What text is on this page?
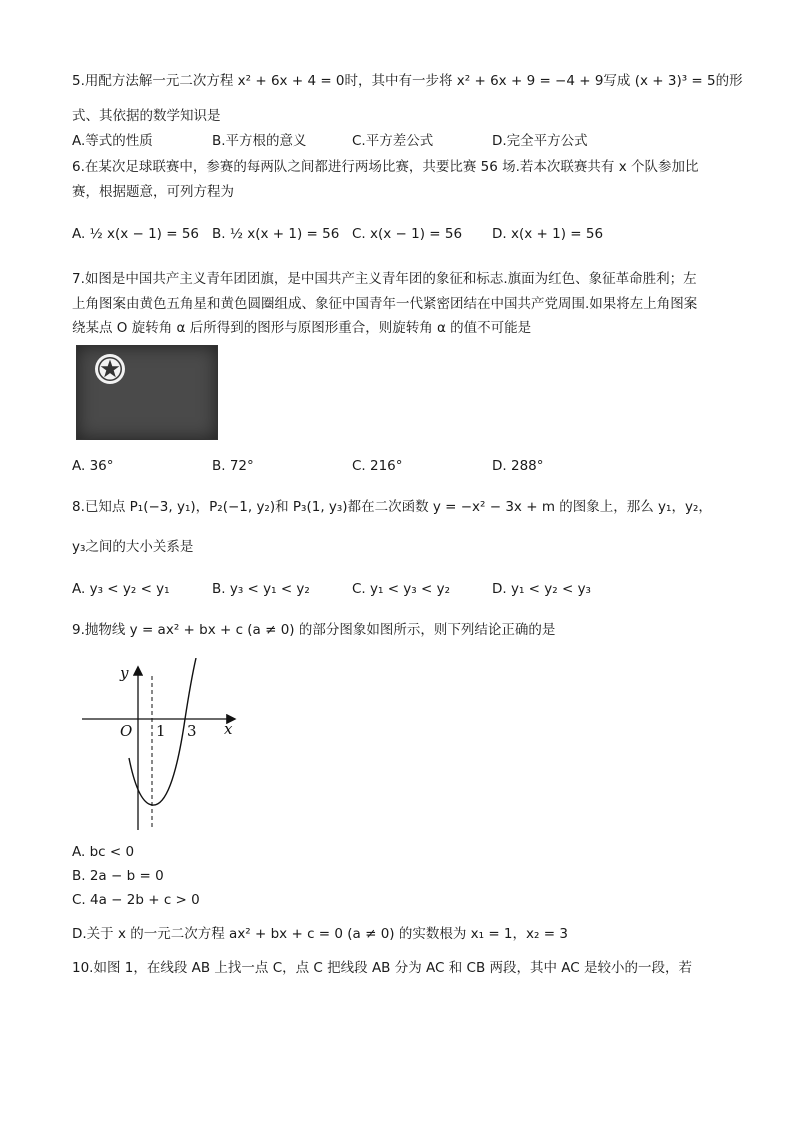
5.用配方法解一元二次方程 x² + 6x + 4 = 0时，其中有一步将 x² + 6x + 9 = −4 + 9写成 (x + 3)³ = 5的形
式、其依据的数学知识是
A.等式的性质	B.平方根的意义	C.平方差公式	D.完全平方公式
6.在某次足球联赛中，参赛的每两队之间都进行两场比赛，共要比赛 56 场.若本次联赛共有 x 个队参加比
赛，根据题意，可列方程为
A. ½ x(x − 1) = 56 B. ½ x(x + 1) = 56 C. x(x − 1) = 56 D. x(x + 1) = 56
7.如图是中国共产主义青年团团旗，是中国共产主义青年团的象征和标志.旗面为红色、象征革命胜利；左
上角图案由黄色五角星和黄色圆圈组成、象征中国青年一代紧密团结在中国共产党周围.如果将左上角图案
绕某点 O 旋转角 α 后所得到的图形与原图形重合，则旋转角 α 的值不可能是
A. 36°	B. 72°	C. 216°	D. 288°
8.已知点 P₁(−3, y₁)，P₂(−1, y₂)和 P₃(1, y₃)都在二次函数 y = −x² − 3x + m 的图象上，那么 y₁，y₂，
y₃之间的大小关系是
A. y₃ < y₂ < y₁	B. y₃ < y₁ < y₂	C. y₁ < y₃ < y₂	D. y₁ < y₂ < y₃
9.抛物线 y = ax² + bx + c (a ≠ 0) 的部分图象如图所示，则下列结论正确的是
y
x
O 1 3
A. bc < 0
B. 2a − b = 0
C. 4a − 2b + c > 0
D.关于 x 的一元二次方程 ax² + bx + c = 0 (a ≠ 0) 的实数根为 x₁ = 1，x₂ = 3
10.如图 1，在线段 AB 上找一点 C，点 C 把线段 AB 分为 AC 和 CB 两段，其中 AC 是较小的一段，若
